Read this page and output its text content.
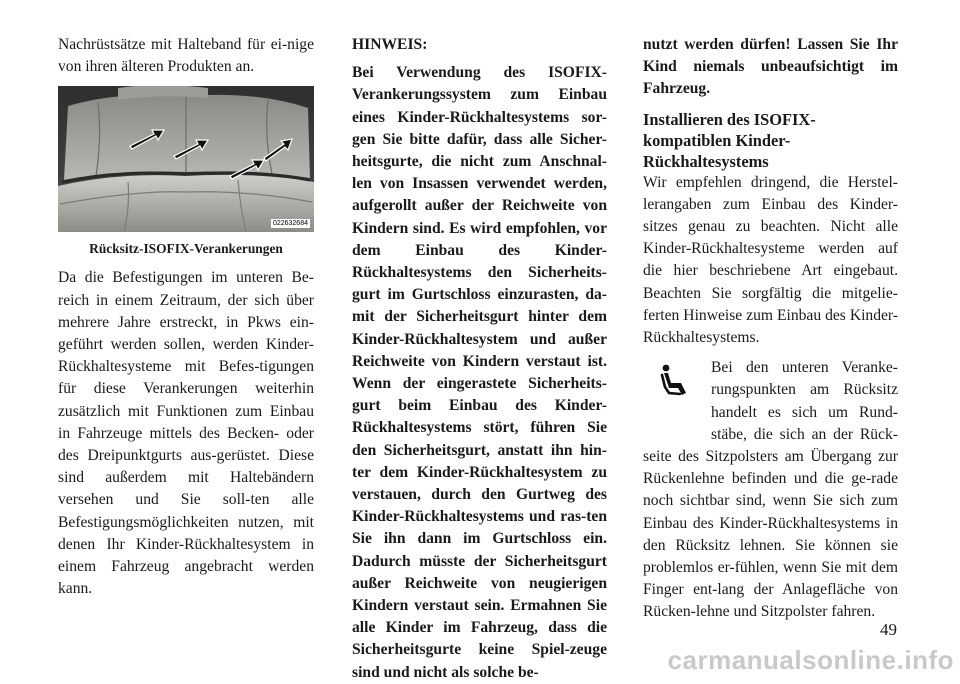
Nachrüstsätze mit Halteband für ei-nige von ihren älteren Produkten an.

022632684

Rücksitz-ISOFIX-Verankerungen

Da die Befestigungen im unteren Be-reich in einem Zeitraum, der sich über mehrere Jahre erstreckt, in Pkws ein-geführt werden sollen, werden Kinder-Rückhaltesysteme mit Befes-tigungen für diese Verankerungen weiterhin zusätzlich mit Funktionen zum Einbau in Fahrzeuge mittels des Becken- oder des Dreipunktgurts aus-gerüstet. Diese sind außerdem mit Haltebändern versehen und Sie soll-ten alle Befestigungsmöglichkeiten nutzen, mit denen Ihr Kinder-Rückhaltesystem in einem Fahrzeug angebracht werden kann.

HINWEIS:

Bei Verwendung des ISOFIX-Verankerungssystem zum Einbau eines Kinder-Rückhaltesystems sor-gen Sie bitte dafür, dass alle Sicher-heitsgurte, die nicht zum Anschnal-len von Insassen verwendet werden, aufgerollt außer der Reichweite von Kindern sind. Es wird empfohlen, vor dem Einbau des Kinder-Rückhaltesystems den Sicherheits-gurt im Gurtschloss einzurasten, da-mit der Sicherheitsgurt hinter dem Kinder-Rückhaltesystem und außer Reichweite von Kindern verstaut ist. Wenn der eingerastete Sicherheits-gurt beim Einbau des Kinder-Rückhaltesystems stört, führen Sie den Sicherheitsgurt, anstatt ihn hin-ter dem Kinder-Rückhaltesystem zu verstauen, durch den Gurtweg des Kinder-Rückhaltesystems und ras-ten Sie ihn dann im Gurtschloss ein. Dadurch müsste der Sicherheitsgurt außer Reichweite von neugierigen Kindern verstaut sein. Ermahnen Sie alle Kinder im Fahrzeug, dass die Sicherheitsgurte keine Spiel-zeuge sind und nicht als solche be-

nutzt werden dürfen! Lassen Sie Ihr Kind niemals unbeaufsichtigt im Fahrzeug.

Installieren des ISOFIX-kompatiblen Kinder-Rückhaltesystems

Wir empfehlen dringend, die Herstel-lerangaben zum Einbau des Kinder-sitzes genau zu beachten. Nicht alle Kinder-Rückhaltesysteme werden auf die hier beschriebene Art eingebaut. Beachten Sie sorgfältig die mitgelie-ferten Hinweise zum Einbau des Kinder-Rückhaltesystems.

Bei den unteren Veranke-rungspunkten am Rücksitz handelt es sich um Rund-stäbe, die sich an der Rück-seite des Sitzpolsters am Übergang zur Rückenlehne befinden und die ge-rade noch sichtbar sind, wenn Sie sich zum Einbau des Kinder-Rückhaltesystems in den Rücksitz lehnen. Sie können sie problemlos er-fühlen, wenn Sie mit dem Finger ent-lang der Anlagefläche von Rücken-lehne und Sitzpolster fahren.

49
carmanualsonline.info
